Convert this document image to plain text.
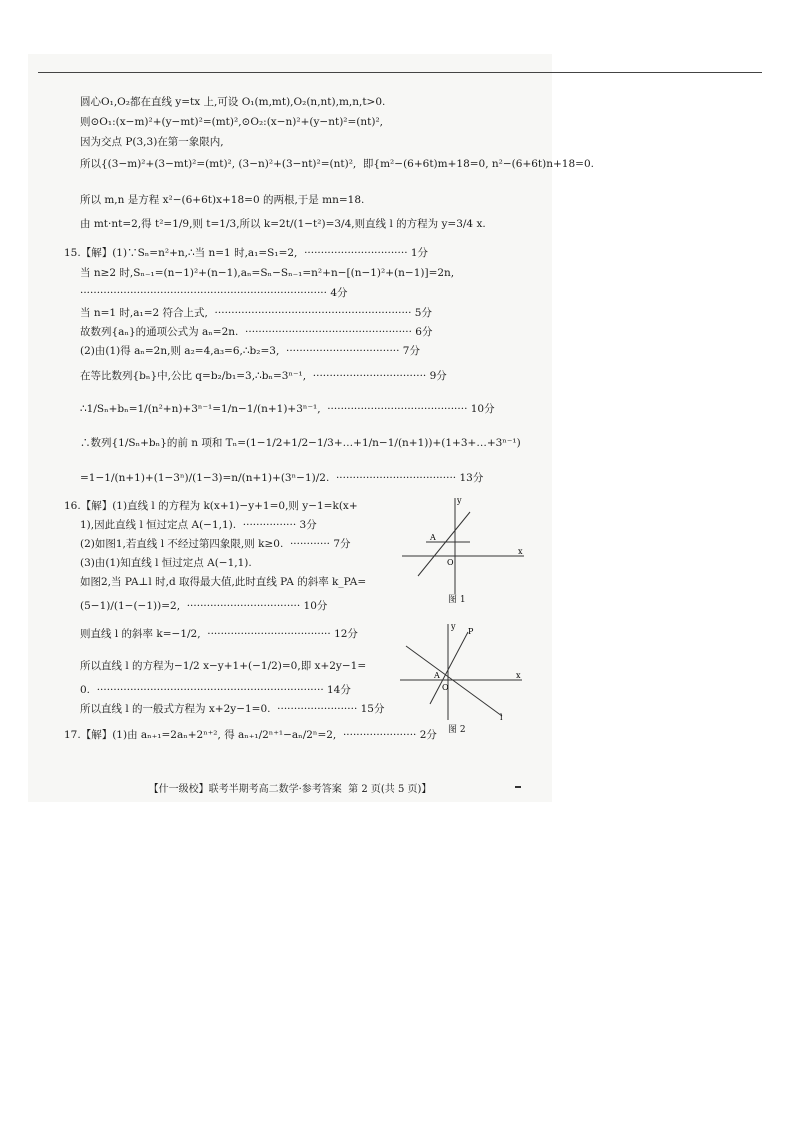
圆心O₁,O₂都在直线 y=tx 上,可设 O₁(m,mt),O₂(n,nt),m,n,t>0.
则⊙O₁:(x−m)²+(y−mt)²=(mt)²,⊙O₂:(x−n)²+(y−nt)²=(nt)²,
因为交点 P(3,3)在第一象限内,
所以{(3−m)²+(3−mt)²=(mt)², (3−n)²+(3−nt)²=(nt)²,  即{m²−(6+6t)m+18=0, n²−(6+6t)n+18=0.
所以 m,n 是方程 x²−(6+6t)x+18=0 的两根,于是 mn=18.
由 mt·nt=2,得 t²=1/9,则 t=1/3,所以 k=2t/(1−t²)=3/4,则直线 l 的方程为 y=3/4 x.
15.【解】(1)∵Sₙ=n²+n,∴当 n=1 时,a₁=S₁=2,  ······························· 1分
当 n≥2 时,Sₙ₋₁=(n−1)²+(n−1),aₙ=Sₙ−Sₙ₋₁=n²+n−[(n−1)²+(n−1)]=2n,
·········································································· 4分
当 n=1 时,a₁=2 符合上式,  ··························································· 5分
故数列{aₙ}的通项公式为 aₙ=2n.  ·················································· 6分
(2)由(1)得 aₙ=2n,则 a₂=4,a₃=6,∴b₂=3,  ·································· 7分
在等比数列{bₙ}中,公比 q=b₂/b₁=3,∴bₙ=3ⁿ⁻¹,  ·································· 9分
∴1/Sₙ+bₙ=1/(n²+n)+3ⁿ⁻¹=1/n−1/(n+1)+3ⁿ⁻¹,  ·········································· 10分
∴数列{1/Sₙ+bₙ}的前 n 项和 Tₙ=(1−1/2+1/2−1/3+…+1/n−1/(n+1))+(1+3+…+3ⁿ⁻¹)
=1−1/(n+1)+(1−3ⁿ)/(1−3)=n/(n+1)+(3ⁿ−1)/2.  ···································· 13分
16.【解】(1)直线 l 的方程为 k(x+1)−y+1=0,则 y−1=k(x+
1),因此直线 l 恒过定点 A(−1,1).  ················ 3分
(2)如图1,若直线 l 不经过第四象限,则 k≥0.  ············ 7分
(3)由(1)知直线 l 恒过定点 A(−1,1).
如图2,当 PA⊥l 时,d 取得最大值,此时直线 PA 的斜率 k_PA=
(5−1)/(1−(−1))=2,  ·································· 10分
则直线 l 的斜率 k=−1/2,  ····································· 12分
所以直线 l 的方程为−1/2 x−y+1+(−1/2)=0,即 x+2y−1=
0.  ···································································· 14分
所以直线 l 的一般式方程为 x+2y−1=0.  ························ 15分
17.【解】(1)由 aₙ₊₁=2aₙ+2ⁿ⁺², 得 aₙ₊₁/2ⁿ⁺¹−aₙ/2ⁿ=2,  ······················ 2分
y
x
A
O
图 1
y
x
P
A
O
l
图 2
【什一级校】联考半期考高二数学·参考答案  第 2 页(共 5 页)】
